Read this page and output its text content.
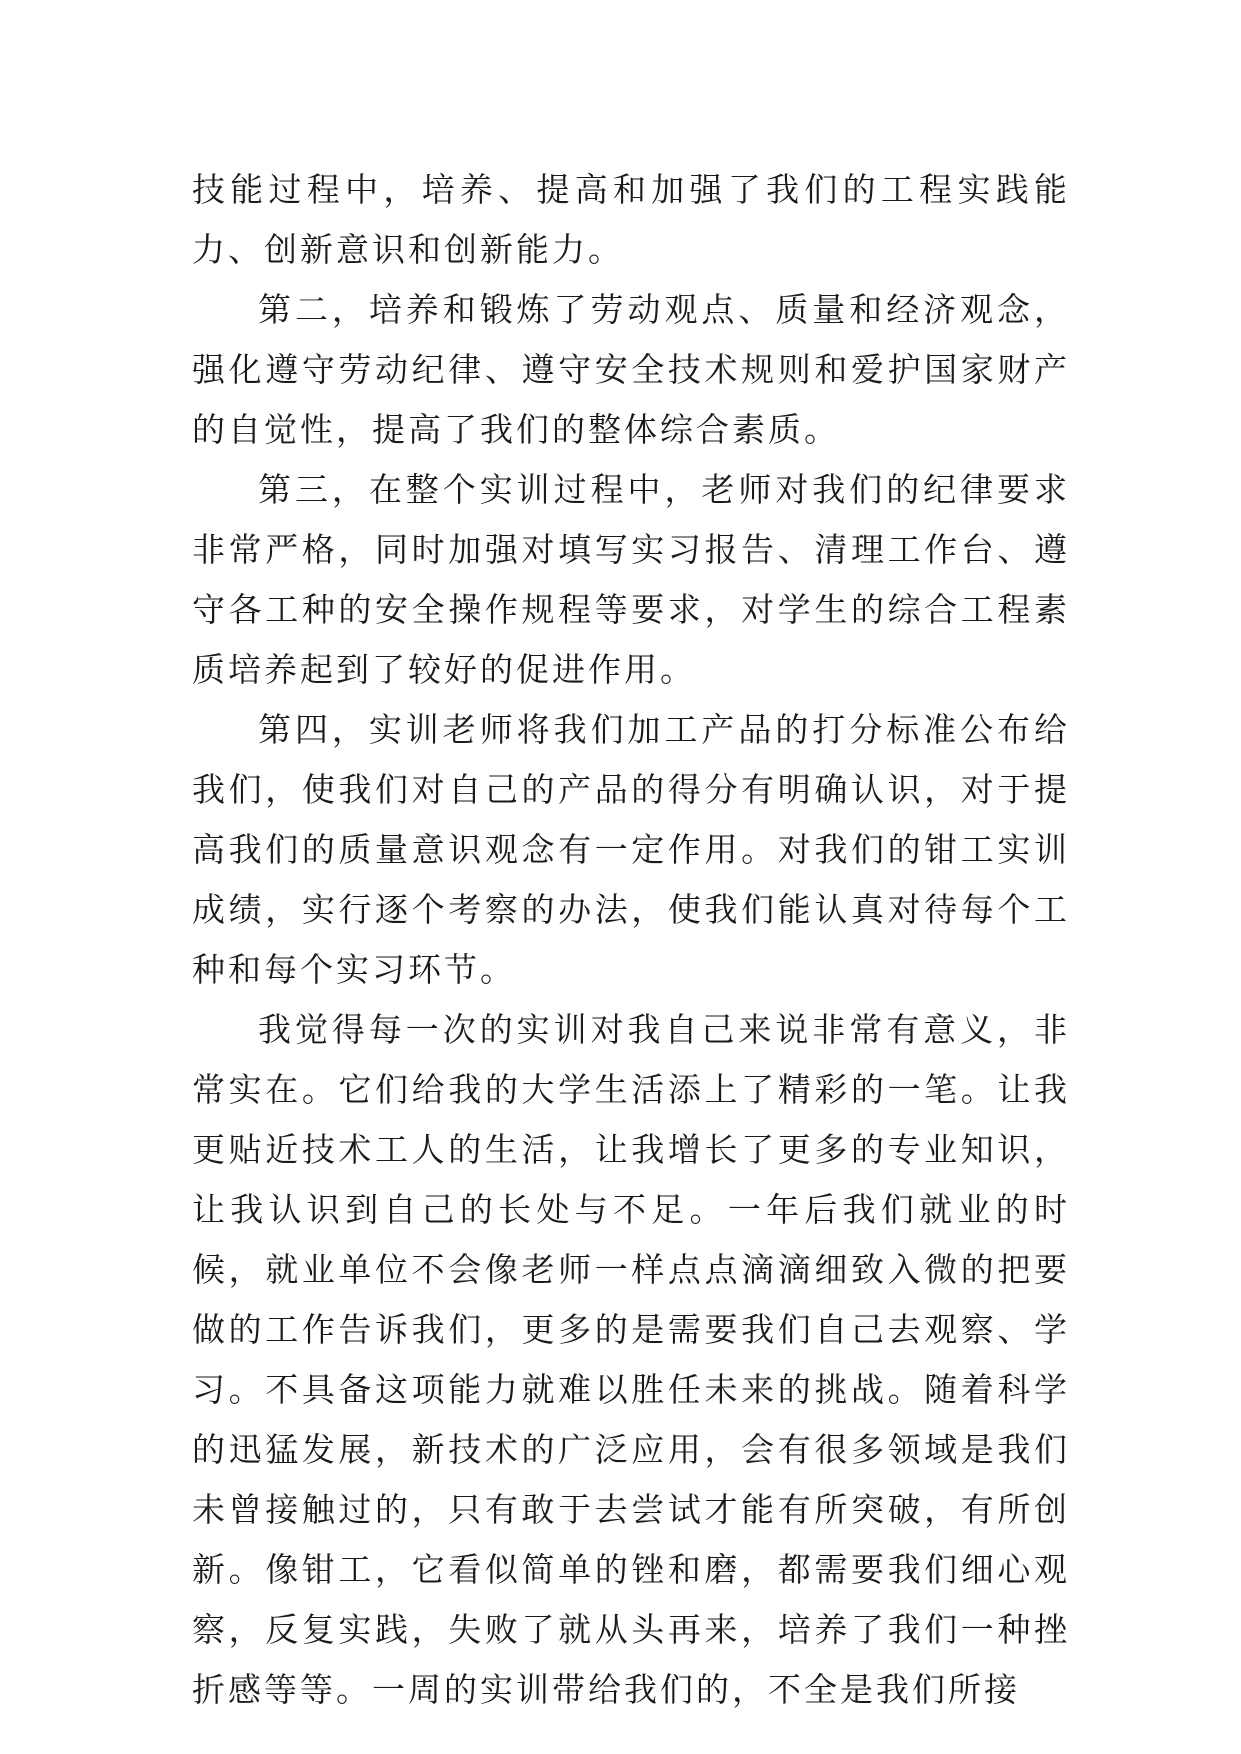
技能过程中，培养、提高和加强了我们的工程实践能力、创新意识和创新能力。

第二，培养和锻炼了劳动观点、质量和经济观念，强化遵守劳动纪律、遵守安全技术规则和爱护国家财产的自觉性，提高了我们的整体综合素质。

第三，在整个实训过程中，老师对我们的纪律要求非常严格，同时加强对填写实习报告、清理工作台、遵守各工种的安全操作规程等要求，对学生的综合工程素质培养起到了较好的促进作用。

第四，实训老师将我们加工产品的打分标准公布给我们，使我们对自己的产品的得分有明确认识，对于提高我们的质量意识观念有一定作用。对我们的钳工实训成绩，实行逐个考察的办法，使我们能认真对待每个工种和每个实习环节。

我觉得每一次的实训对我自己来说非常有意义，非常实在。它们给我的大学生活添上了精彩的一笔。让我更贴近技术工人的生活，让我增长了更多的专业知识，让我认识到自己的长处与不足。一年后我们就业的时候，就业单位不会像老师一样点点滴滴细致入微的把要做的工作告诉我们，更多的是需要我们自己去观察、学习。不具备这项能力就难以胜任未来的挑战。随着科学的迅猛发展，新技术的广泛应用，会有很多领域是我们未曾接触过的，只有敢于去尝试才能有所突破，有所创新。像钳工，它看似简单的锉和磨，都需要我们细心观察，反复实践，失败了就从头再来，培养了我们一种挫折感等等。一周的实训带给我们的，不全是我们所接
